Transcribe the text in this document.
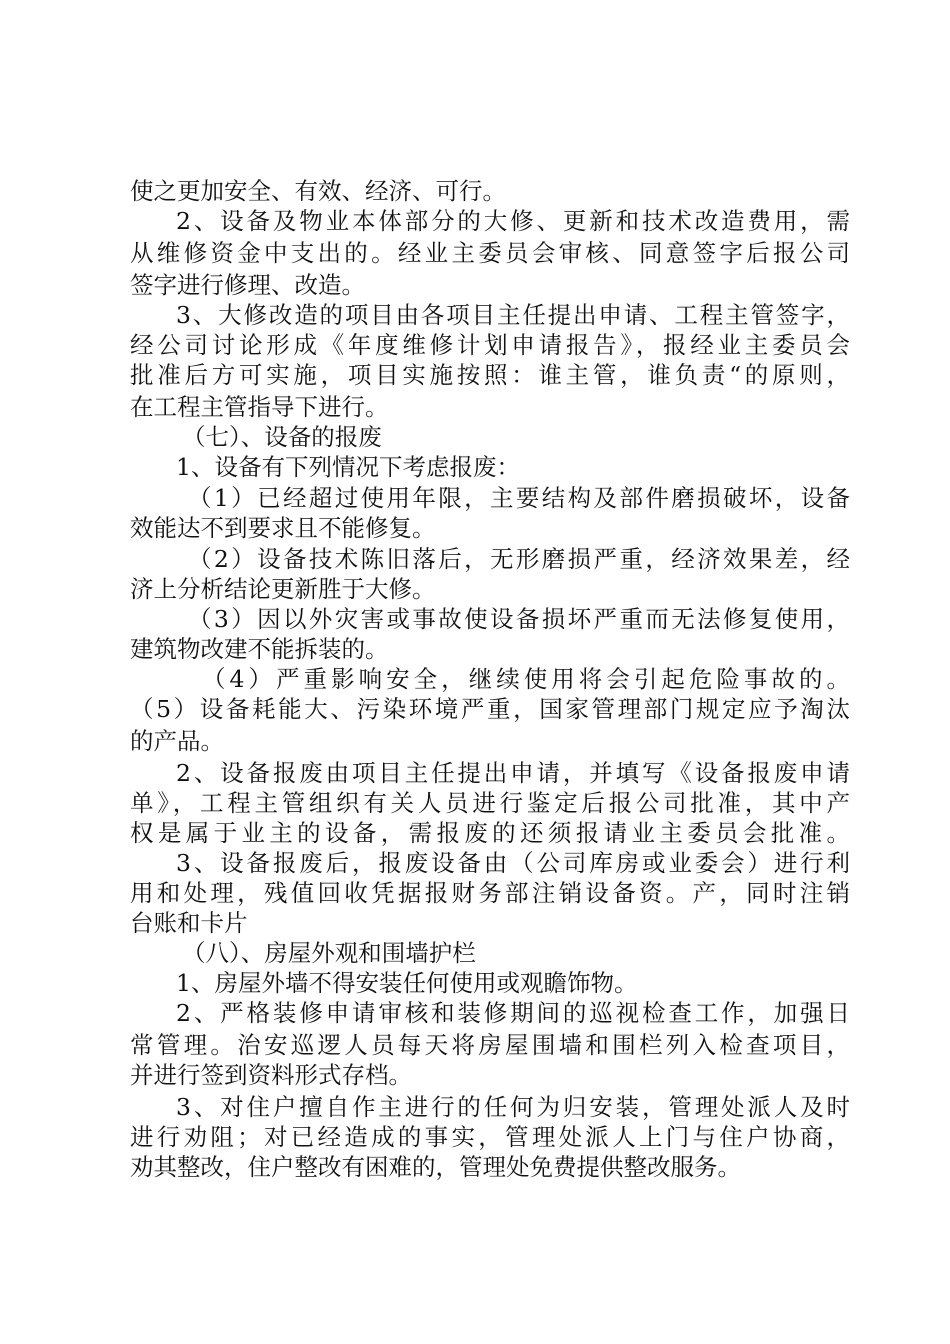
使之更加安全、有效、经济、可行。
2、设备及物业本体部分的大修、更新和技术改造费用，需
从维修资金中支出的。经业主委员会审核、同意签字后报公司
签字进行修理、改造。
3、大修改造的项目由各项目主任提出申请、工程主管签字，
经公司讨论形成《年度维修计划申请报告》，报经业主委员会
批准后方可实施，项目实施按照：谁主管，谁负责“的原则，
在工程主管指导下进行。
（七）、设备的报废
1、设备有下列情况下考虑报废：
（1）已经超过使用年限，主要结构及部件磨损破坏，设备
效能达不到要求且不能修复。
（2）设备技术陈旧落后，无形磨损严重，经济效果差，经
济上分析结论更新胜于大修。
（3）因以外灾害或事故使设备损坏严重而无法修复使用，
建筑物改建不能拆装的。
（4）严重影响安全，继续使用将会引起危险事故的。
（5）设备耗能大、污染环境严重，国家管理部门规定应予淘汰
的产品。
2、设备报废由项目主任提出申请，并填写《设备报废申请
单》，工程主管组织有关人员进行鉴定后报公司批准，其中产
权是属于业主的设备，需报废的还须报请业主委员会批准。
3、设备报废后，报废设备由（公司库房或业委会）进行利
用和处理，残值回收凭据报财务部注销设备资。产，同时注销
台账和卡片
（八）、房屋外观和围墙护栏
1、房屋外墙不得安装任何使用或观瞻饰物。
2、严格装修申请审核和装修期间的巡视检查工作，加强日
常管理。治安巡逻人员每天将房屋围墙和围栏列入检查项目，
并进行签到资料形式存档。
3、对住户擅自作主进行的任何为归安装，管理处派人及时
进行劝阻；对已经造成的事实，管理处派人上门与住户协商，
劝其整改，住户整改有困难的，管理处免费提供整改服务。
